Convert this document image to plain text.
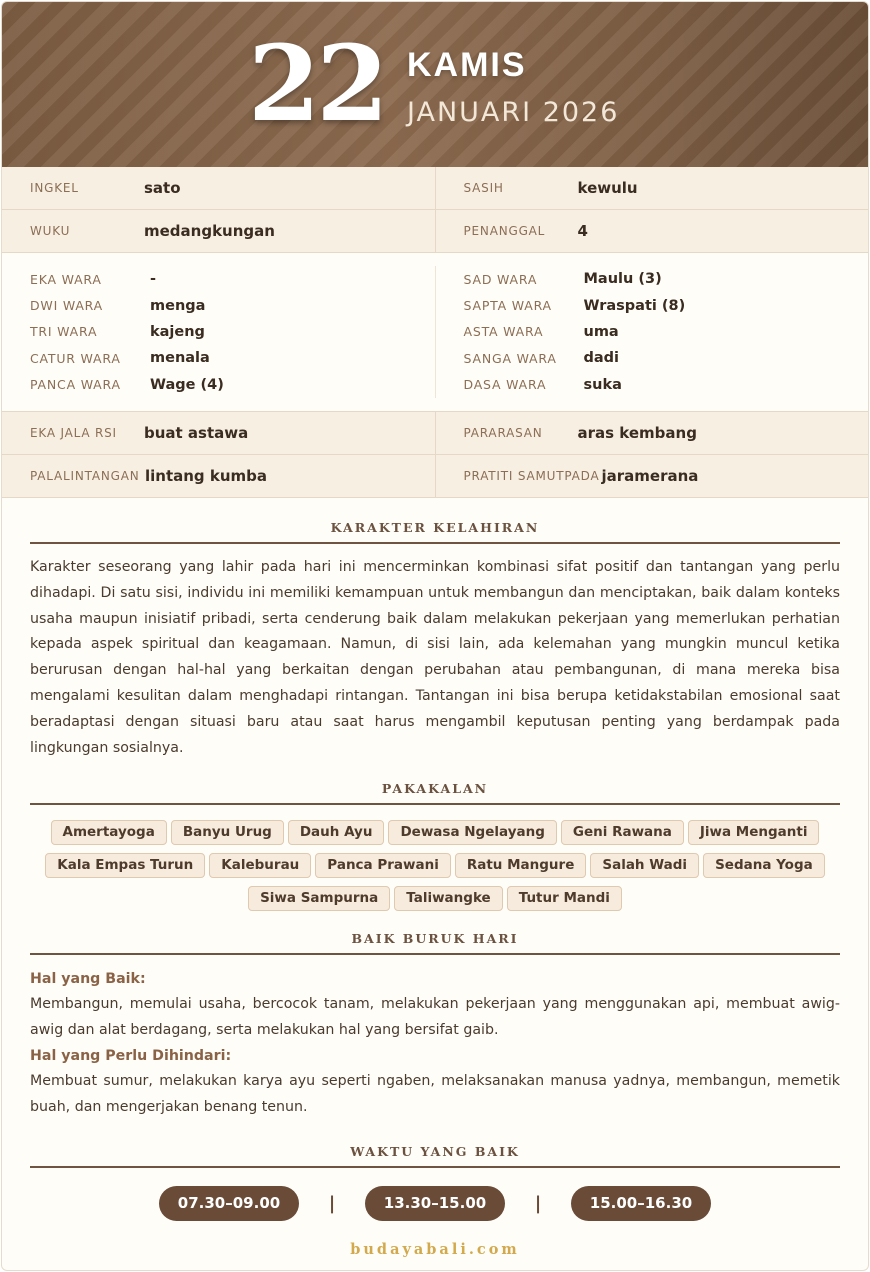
22 KAMIS
JANUARI 2026
INGKEL	sato	SASIH	kewulu
WUKU	medangkungan	PENANGGAL	4
EKA WARA	-
DWI WARA	menga
TRI WARA	kajeng
CATUR WARA	menala
PANCA WARA	Wage (4)
SAD WARA	Maulu (3)
SAPTA WARA	Wraspati (8)
ASTA WARA	uma
SANGA WARA	dadi
DASA WARA	suka
EKA JALA RSI	buat astawa	PARARASAN	aras kembang
PALALINTANGAN lintang kumba	PRATITI SAMUTPADA jaramerana
KARAKTER KELAHIRAN

Karakter seseorang yang lahir pada hari ini mencerminkan kombinasi sifat positif dan tantangan yang perlu dihadapi. Di satu sisi, individu ini memiliki kemampuan untuk membangun dan menciptakan, baik dalam konteks usaha maupun inisiatif pribadi, serta cenderung baik dalam melakukan pekerjaan yang memerlukan perhatian kepada aspek spiritual dan keagamaan. Namun, di sisi lain, ada kelemahan yang mungkin muncul ketika berurusan dengan hal-hal yang berkaitan dengan perubahan atau pembangunan, di mana mereka bisa mengalami kesulitan dalam menghadapi rintangan. Tantangan ini bisa berupa ketidakstabilan emosional saat beradaptasi dengan situasi baru atau saat harus mengambil keputusan penting yang berdampak pada lingkungan sosialnya.

PAKAKALAN
Amertayoga Banyu Urug Dauh Ayu Dewasa Ngelayang Geni Rawana Jiwa Menganti
Kala Empas Turun Kaleburau Panca Prawani Ratu Mangure Salah Wadi Sedana Yoga
Siwa Sampurna Taliwangke Tutur Mandi
BAIK BURUK HARI
Hal yang Baik:

Membangun, memulai usaha, bercocok tanam, melakukan pekerjaan yang menggunakan api, membuat awig-awig dan alat berdagang, serta melakukan hal yang bersifat gaib.

Hal yang Perlu Dihindari:

Membuat sumur, melakukan karya ayu seperti ngaben, melaksanakan manusa yadnya, membangun, memetik buah, dan mengerjakan benang tenun.

WAKTU YANG BAIK
07.30–09.00	|	13.30–15.00	|	15.00–16.30
budayabali.com
